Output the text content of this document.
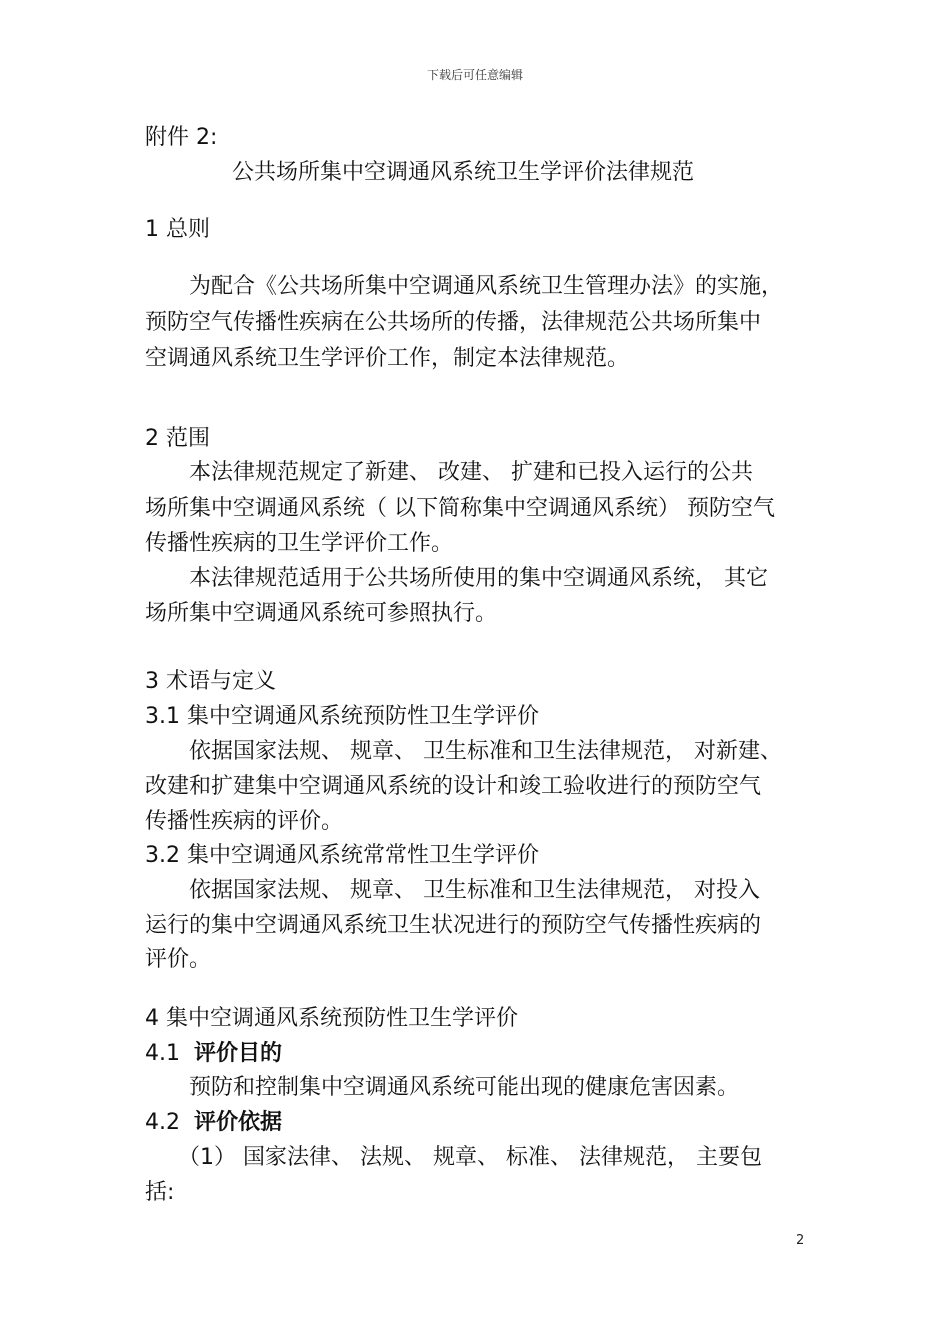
下载后可任意编辑
附件 2:
公共场所集中空调通风系统卫生学评价法律规范
1 总则
为配合《公共场所集中空调通风系统卫生管理办法》的实施，
预防空气传播性疾病在公共场所的传播，法律规范公共场所集中
空调通风系统卫生学评价工作，制定本法律规范。
2 范围
本法律规范规定了新建、 改建、 扩建和已投入运行的公共
场所集中空调通风系统（ 以下简称集中空调通风系统） 预防空气
传播性疾病的卫生学评价工作。
本法律规范适用于公共场所使用的集中空调通风系统， 其它
场所集中空调通风系统可参照执行。
3 术语与定义
3.1 集中空调通风系统预防性卫生学评价
依据国家法规、 规章、 卫生标准和卫生法律规范， 对新建、
改建和扩建集中空调通风系统的设计和竣工验收进行的预防空气
传播性疾病的评价。
3.2 集中空调通风系统常常性卫生学评价
依据国家法规、 规章、 卫生标准和卫生法律规范， 对投入
运行的集中空调通风系统卫生状况进行的预防空气传播性疾病的
评价。
4 集中空调通风系统预防性卫生学评价
4.1 评价目的
预防和控制集中空调通风系统可能出现的健康危害因素。
4.2 评价依据
（1） 国家法律、 法规、 规章、 标准、 法律规范， 主要包
括:
2
